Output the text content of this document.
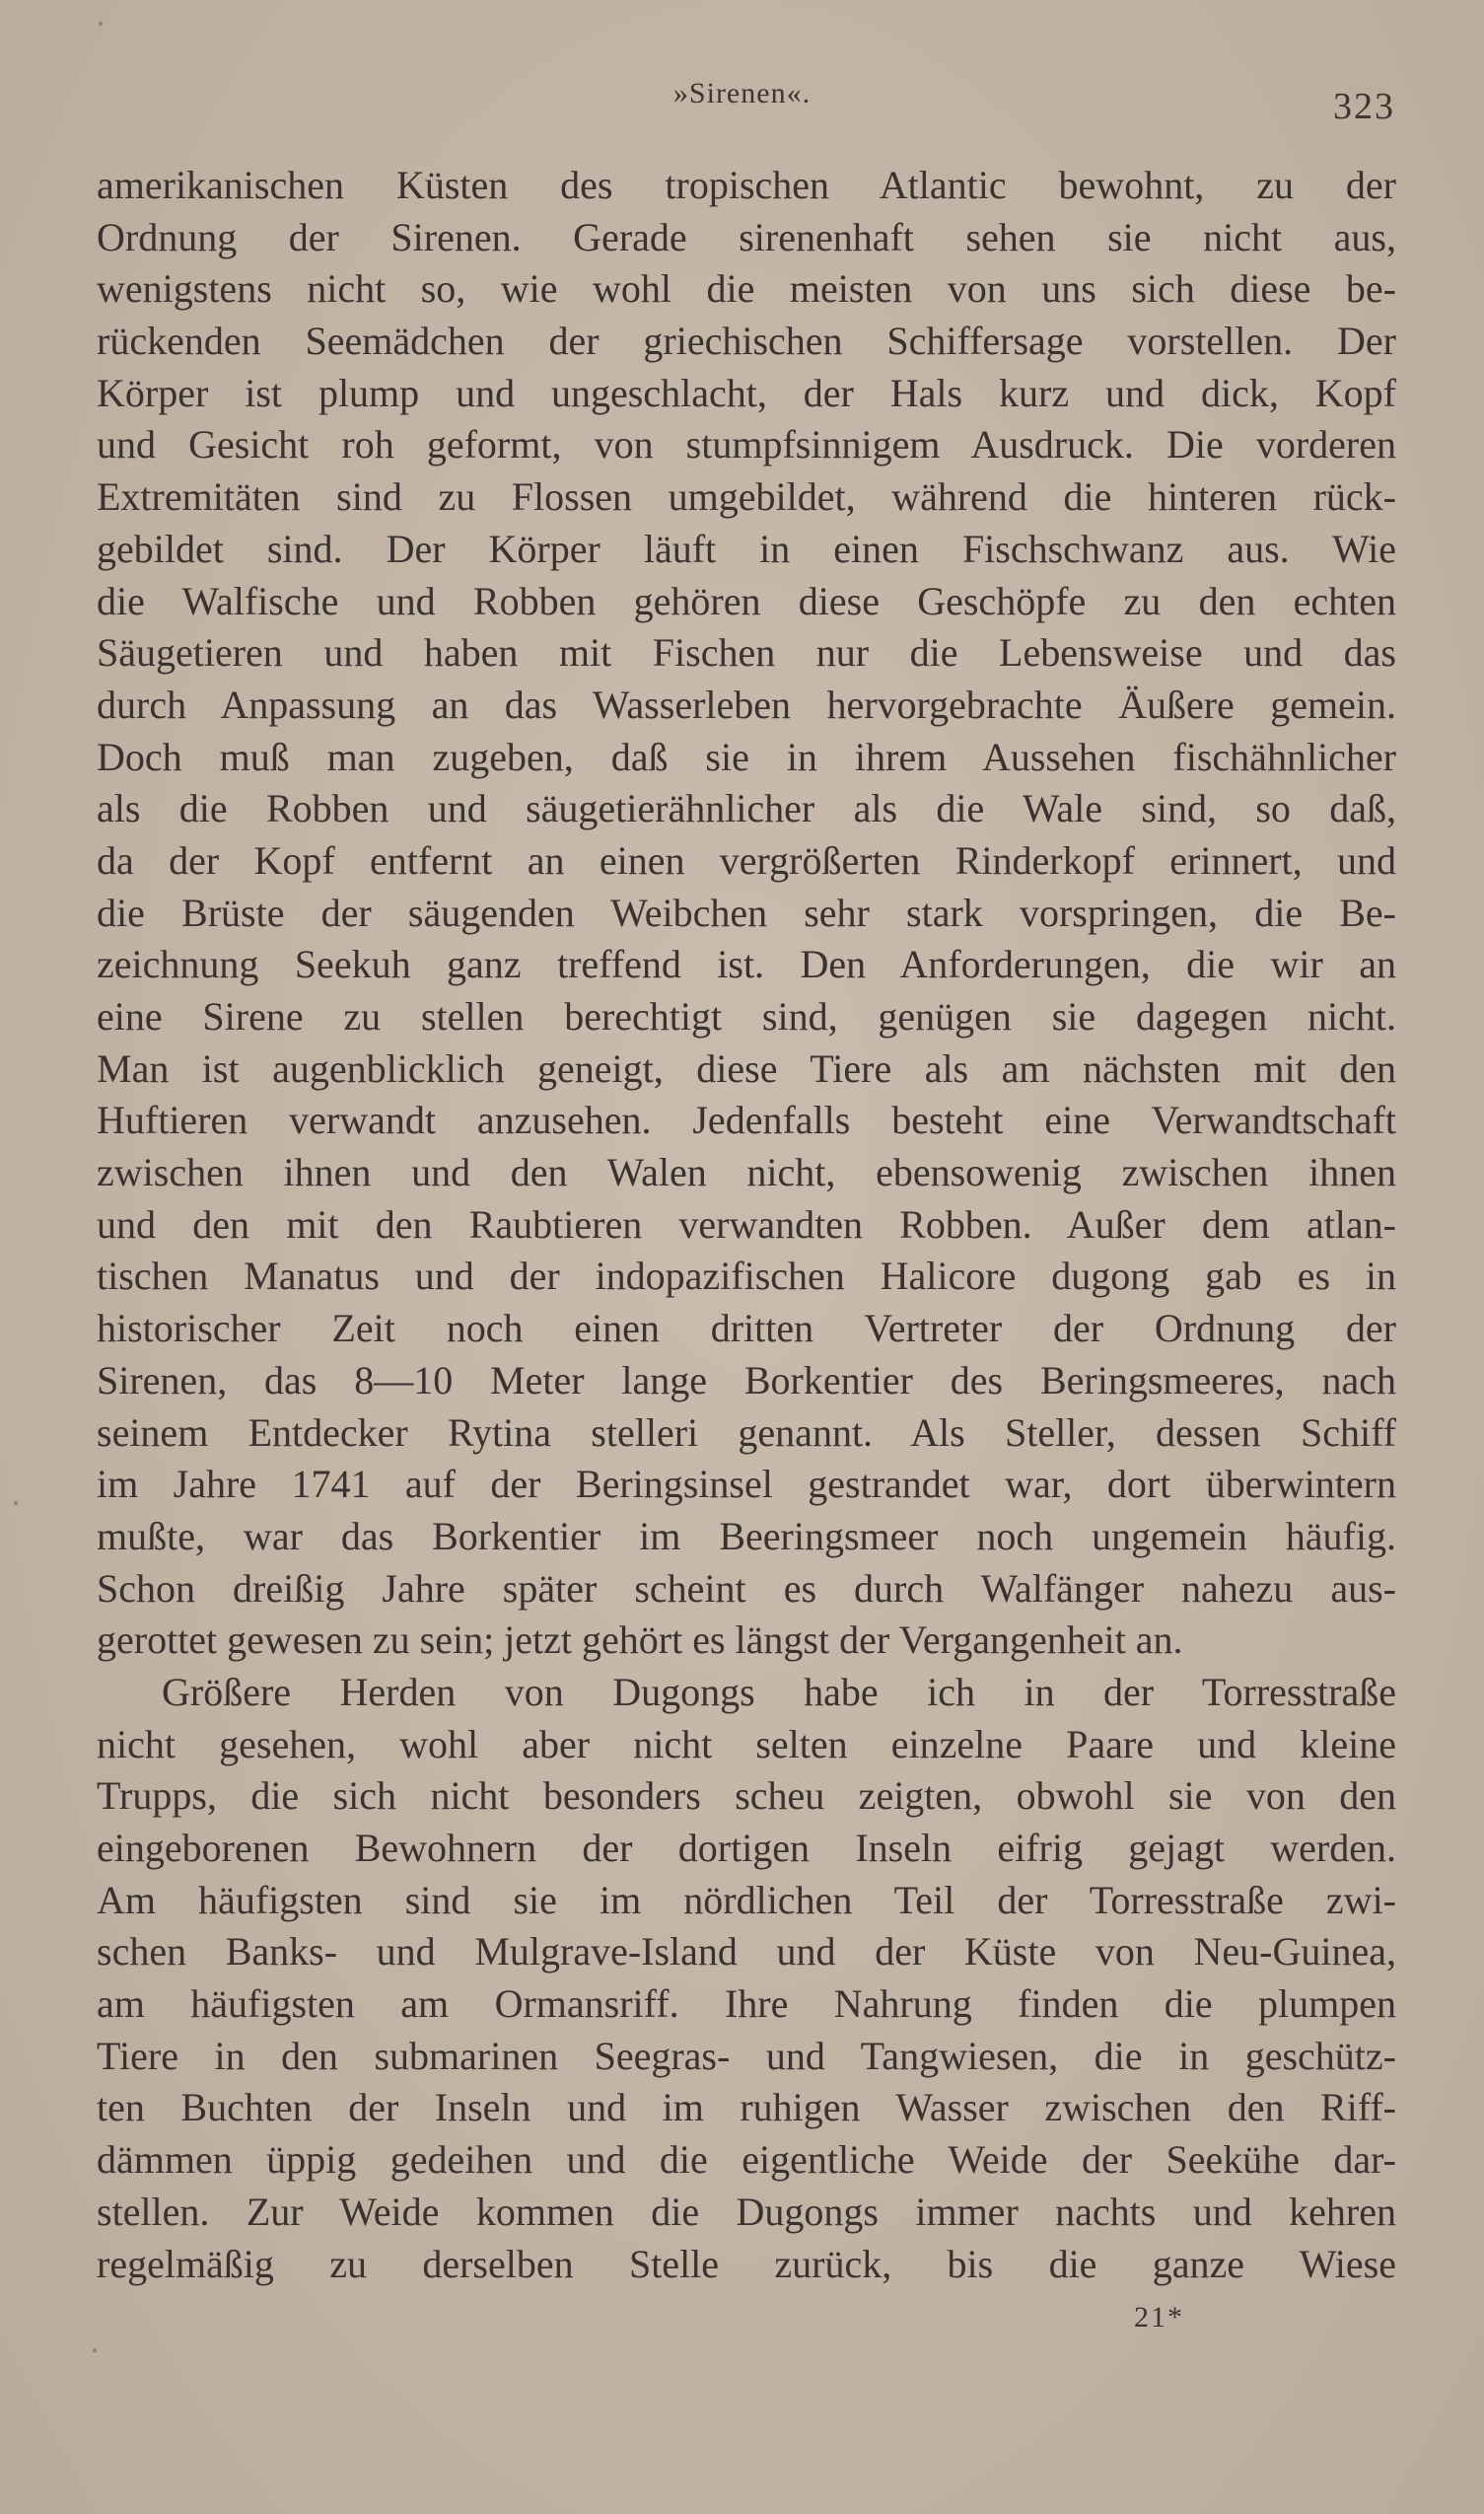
»Sirenen«.	323
amerikanischen Küsten des tropischen Atlantic bewohnt, zu der
Ordnung der Sirenen. Gerade sirenenhaft sehen sie nicht aus,
wenigstens nicht so, wie wohl die meisten von uns sich diese be-
rückenden Seemädchen der griechischen Schiffersage vorstellen. Der
Körper ist plump und ungeschlacht, der Hals kurz und dick, Kopf
und Gesicht roh geformt, von stumpfsinnigem Ausdruck. Die vorderen
Extremitäten sind zu Flossen umgebildet, während die hinteren rück-
gebildet sind. Der Körper läuft in einen Fischschwanz aus. Wie
die Walfische und Robben gehören diese Geschöpfe zu den echten
Säugetieren und haben mit Fischen nur die Lebensweise und das
durch Anpassung an das Wasserleben hervorgebrachte Äußere gemein.
Doch muß man zugeben, daß sie in ihrem Aussehen fischähnlicher
als die Robben und säugetierähnlicher als die Wale sind, so daß,
da der Kopf entfernt an einen vergrößerten Rinderkopf erinnert, und
die Brüste der säugenden Weibchen sehr stark vorspringen, die Be-
zeichnung Seekuh ganz treffend ist. Den Anforderungen, die wir an
eine Sirene zu stellen berechtigt sind, genügen sie dagegen nicht.
Man ist augenblicklich geneigt, diese Tiere als am nächsten mit den
Huftieren verwandt anzusehen. Jedenfalls besteht eine Verwandtschaft
zwischen ihnen und den Walen nicht, ebensowenig zwischen ihnen
und den mit den Raubtieren verwandten Robben. Außer dem atlan-
tischen Manatus und der indopazifischen Halicore dugong gab es in
historischer Zeit noch einen dritten Vertreter der Ordnung der
Sirenen, das 8—10 Meter lange Borkentier des Beringsmeeres, nach
seinem Entdecker Rytina stelleri genannt. Als Steller, dessen Schiff
im Jahre 1741 auf der Beringsinsel gestrandet war, dort überwintern
mußte, war das Borkentier im Beeringsmeer noch ungemein häufig.
Schon dreißig Jahre später scheint es durch Walfänger nahezu aus-
gerottet gewesen zu sein; jetzt gehört es längst der Vergangenheit an.
Größere Herden von Dugongs habe ich in der Torresstraße
nicht gesehen, wohl aber nicht selten einzelne Paare und kleine
Trupps, die sich nicht besonders scheu zeigten, obwohl sie von den
eingeborenen Bewohnern der dortigen Inseln eifrig gejagt werden.
Am häufigsten sind sie im nördlichen Teil der Torresstraße zwi-
schen Banks- und Mulgrave-Island und der Küste von Neu-Guinea,
am häufigsten am Ormansriff. Ihre Nahrung finden die plumpen
Tiere in den submarinen Seegras- und Tangwiesen, die in geschütz-
ten Buchten der Inseln und im ruhigen Wasser zwischen den Riff-
dämmen üppig gedeihen und die eigentliche Weide der Seekühe dar-
stellen. Zur Weide kommen die Dugongs immer nachts und kehren
regelmäßig zu derselben Stelle zurück, bis die ganze Wiese
21*
